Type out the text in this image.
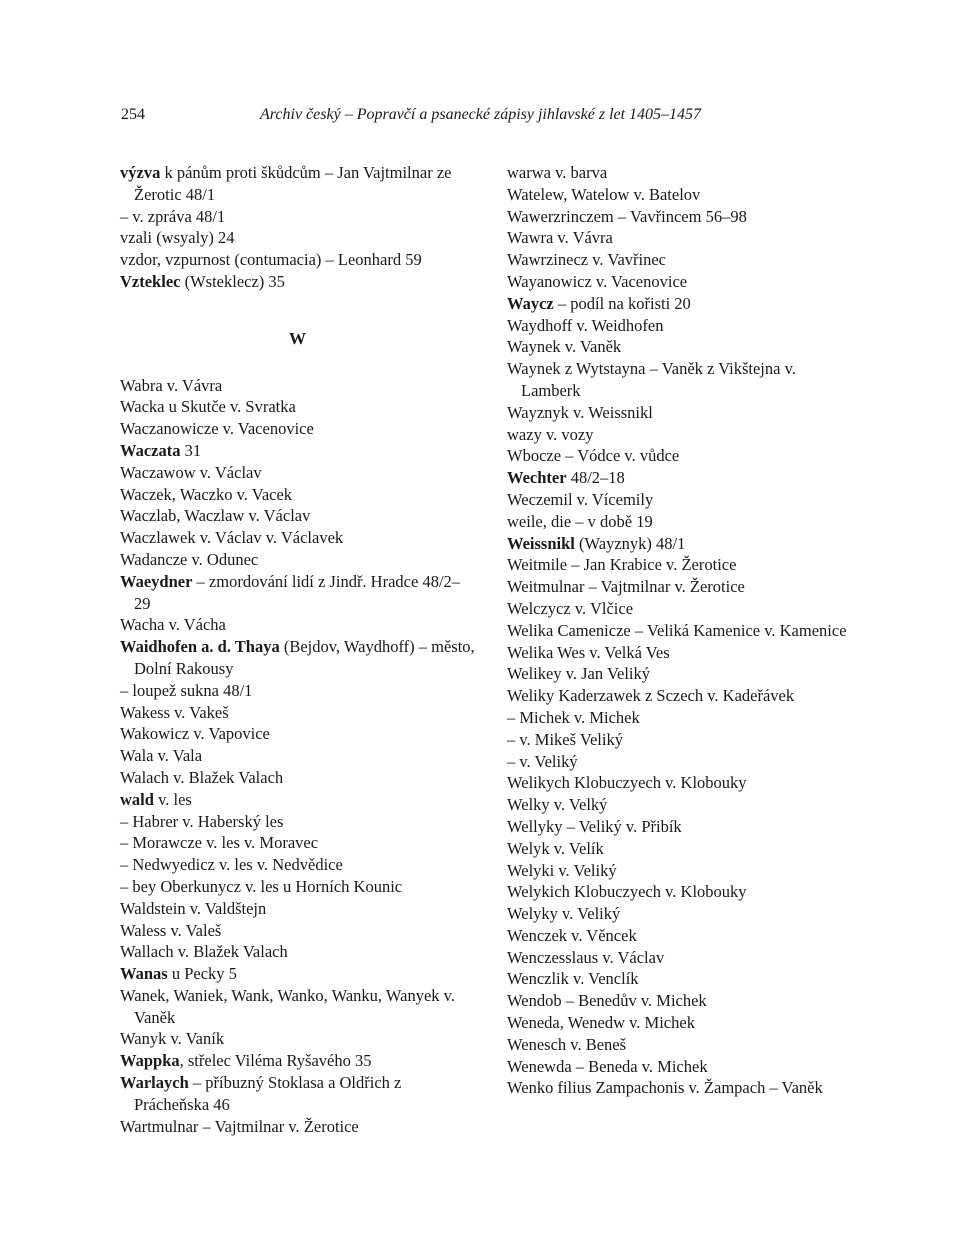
254	Archiv český – Popravčí a psanecké zápisy jihlavské z let 1405–1457

výzva k pánům proti škůdcům – Jan Vajtmilnar ze Žerotic 48/1

– v. zpráva 48/1

vzali (wsyaly) 24

vzdor, vzpurnost (contumacia) – Leonhard 59

Vzteklec (Wsteklecz) 35

W

Wabra v. Vávra

Wacka u Skutče v. Svratka

Waczanowicze v. Vacenovice

Waczata 31

Waczawow v. Václav

Waczek, Waczko v. Vacek

Waczlab, Waczlaw v. Václav

Waczlawek v. Václav v. Václavek

Wadancze v. Odunec

Waeydner – zmordování lidí z Jindř. Hradce 48/2–29

Wacha v. Vácha

Waidhofen a. d. Thaya (Bejdov, Waydhoff) – město, Dolní Rakousy

– loupež sukna 48/1

Wakess v. Vakeš

Wakowicz v. Vapovice

Wala v. Vala

Walach v. Blažek Valach

wald v. les

– Habrer v. Haberský les

– Morawcze v. les v. Moravec

– Nedwyedicz v. les v. Nedvědice

– bey Oberkunycz v. les u Horních Kounic

Waldstein v. Valdštejn

Waless v. Valeš

Wallach v. Blažek Valach

Wanas u Pecky 5

Wanek, Waniek, Wank, Wanko, Wanku, Wanyek v. Vaněk

Wanyk v. Vaník

Wappka, střelec Viléma Ryšavého 35

Warlaych – příbuzný Stoklasa a Oldřich z Prácheňska 46

Wartmulnar – Vajtmilnar v. Žerotice

warwa v. barva

Watelew, Watelow v. Batelov

Wawerzrinczem – Vavřincem 56–98

Wawra v. Vávra

Wawrzinecz v. Vavřinec

Wayanowicz v. Vacenovice

Waycz – podíl na kořisti 20

Waydhoff v. Weidhofen

Waynek v. Vaněk

Waynek z Wytstayna – Vaněk z Vikštejna v. Lamberk

Wayznyk v. Weissnikl

wazy v. vozy

Wbocze – Vódce v. vůdce

Wechter 48/2–18

Weczemil v. Vícemily

weile, die – v době 19

Weissnikl (Wayznyk) 48/1

Weitmile – Jan Krabice v. Žerotice

Weitmulnar – Vajtmilnar v. Žerotice

Welczycz v. Vlčice

Welika Camenicze – Veliká Kamenice v. Kamenice

Welika Wes v. Velká Ves

Welikey v. Jan Veliký

Weliky Kaderzawek z Sczech v. Kadeřávek

– Michek v. Michek

– v. Mikeš Veliký

– v. Veliký

Welikych Klobuczyech v. Klobouky

Welky v. Velký

Wellyky – Veliký v. Přibík

Welyk v. Velík

Welyki v. Veliký

Welykich Klobuczyech v. Klobouky

Welyky v. Veliký

Wenczek v. Věncek

Wenczesslaus v. Václav

Wenczlik v. Venclík

Wendob – Benedův v. Michek

Weneda, Wenedw v. Michek

Wenesch v. Beneš

Wenewda – Beneda v. Michek

Wenko filius Zampachonis v. Žampach – Vaněk
